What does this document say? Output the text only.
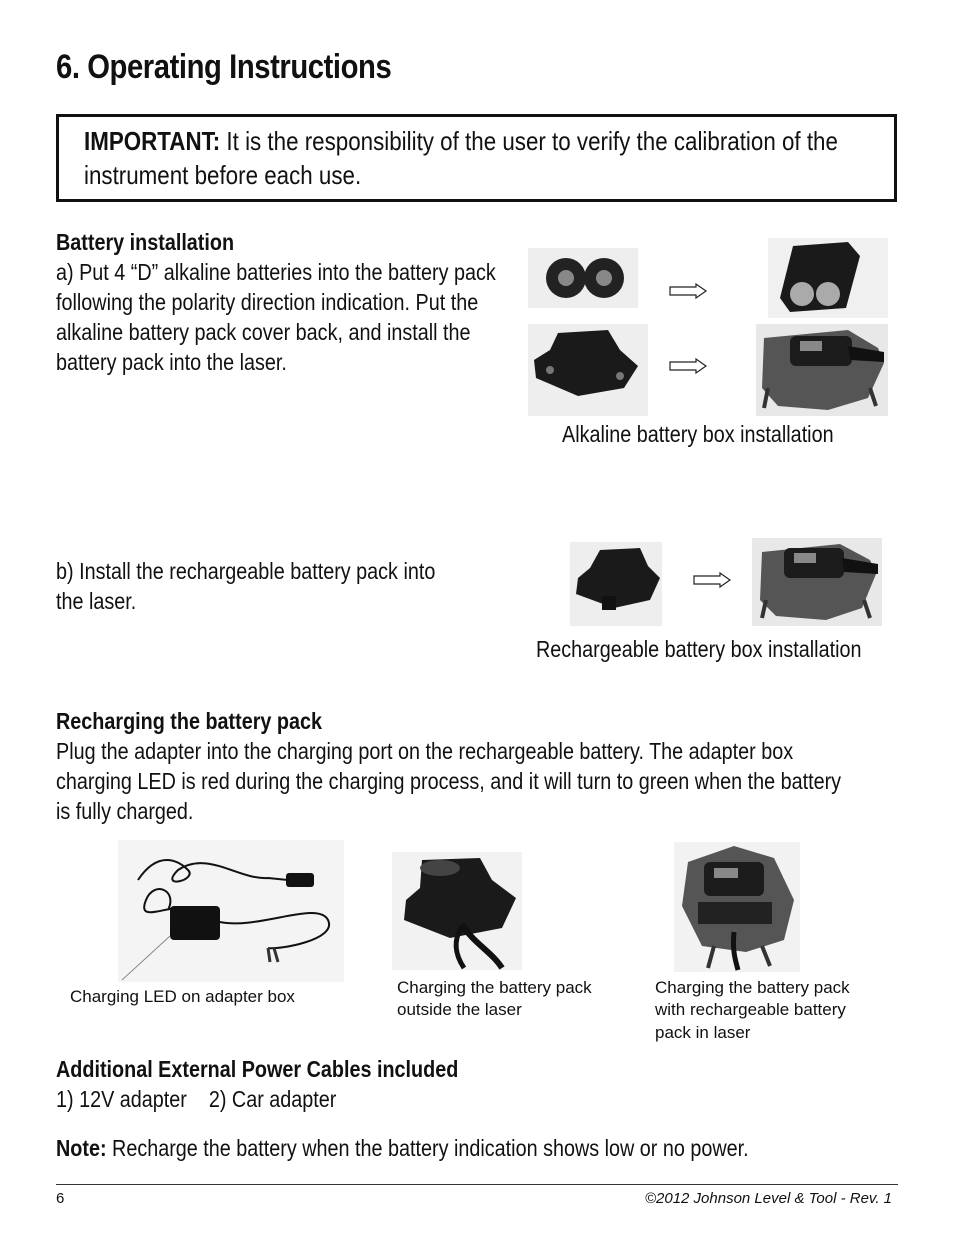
6. Operating Instructions
IMPORTANT: It is the responsibility of the user to verify the calibration of the
instrument before each use.
Battery installation
a) Put 4 “D” alkaline batteries into the battery pack
following the polarity direction indication. Put the
alkaline battery pack cover back, and install the
battery pack into the laser.
Alkaline battery box installation
b) Install the rechargeable battery pack into
the laser.
Rechargeable battery box installation
Recharging the battery pack
Plug the adapter into the charging port on the rechargeable battery. The adapter box
charging LED is red during the charging process, and it will turn to green when the battery
is fully charged.
Charging LED on adapter box	Charging the battery pack
outside the laser
Charging the battery pack
with rechargeable battery
pack in laser
Additional External Power Cables included
1) 12V adapter    2) Car adapter
Note: Recharge the battery when the battery indication shows low or no power.
6	©2012 Johnson Level & Tool - Rev. 1
